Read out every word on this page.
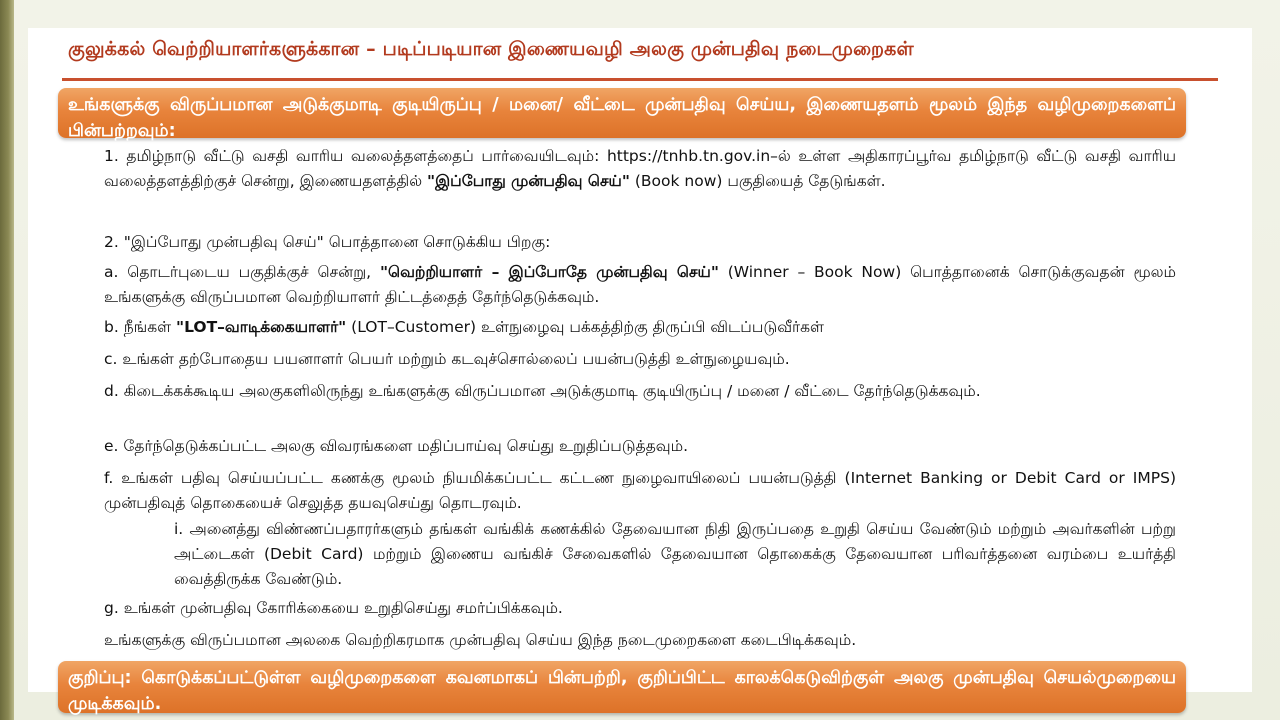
குலுக்கல் வெற்றியாளர்களுக்கான – படிப்படியான இணையவழி அலகு முன்பதிவு நடைமுறைகள்
உங்களுக்கு விருப்பமான அடுக்குமாடி குடியிருப்பு / மனை/ வீட்டை முன்பதிவு செய்ய, இணையதளம் மூலம் இந்த வழிமுறைகளைப் பின்பற்றவும்:
1. தமிழ்நாடு வீட்டு வசதி வாரிய வலைத்தளத்தைப் பார்வையிடவும்: https://tnhb.tn.gov.in–ல் உள்ள அதிகாரப்பூர்வ தமிழ்நாடு வீட்டு வசதி வாரிய வலைத்தளத்திற்குச் சென்று, இணையதளத்தில் "இப்போது முன்பதிவு செய்" (Book now) பகுதியைத் தேடுங்கள்.
2. "இப்போது முன்பதிவு செய்" பொத்தானை சொடுக்கிய பிறகு:
a. தொடர்புடைய பகுதிக்குச் சென்று, "வெற்றியாளர் – இப்போதே முன்பதிவு செய்" (Winner – Book Now) பொத்தானைக் சொடுக்குவதன் மூலம் உங்களுக்கு விருப்பமான வெற்றியாளர் திட்டத்தைத் தேர்ந்தெடுக்கவும்.
b. நீங்கள் "LOT–வாடிக்கையாளர்" (LOT–Customer) உள்நுழைவு பக்கத்திற்கு திருப்பி விடப்படுவீர்கள்
c. உங்கள் தற்போதைய பயனாளர் பெயர் மற்றும் கடவுச்சொல்லைப் பயன்படுத்தி உள்நுழையவும்.
d. கிடைக்கக்கூடிய அலகுகளிலிருந்து உங்களுக்கு விருப்பமான அடுக்குமாடி குடியிருப்பு / மனை / வீட்டை தேர்ந்தெடுக்கவும்.
e. தேர்ந்தெடுக்கப்பட்ட அலகு விவரங்களை மதிப்பாய்வு செய்து உறுதிப்படுத்தவும்.
f. உங்கள் பதிவு செய்யப்பட்ட கணக்கு மூலம் நியமிக்கப்பட்ட கட்டண நுழைவாயிலைப் பயன்படுத்தி (Internet Banking or Debit Card or IMPS) முன்பதிவுத் தொகையைச் செலுத்த தயவுசெய்து தொடரவும்.
i. அனைத்து விண்ணப்பதாரர்களும் தங்கள் வங்கிக் கணக்கில் தேவையான நிதி இருப்பதை உறுதி செய்ய வேண்டும் மற்றும் அவர்களின் பற்று அட்டைகள் (Debit Card) மற்றும் இணைய வங்கிச் சேவைகளில் தேவையான தொகைக்கு தேவையான பரிவர்த்தனை வரம்பை உயர்த்தி வைத்திருக்க வேண்டும்.
g. உங்கள் முன்பதிவு கோரிக்கையை உறுதிசெய்து சமர்ப்பிக்கவும்.
உங்களுக்கு விருப்பமான அலகை வெற்றிகரமாக முன்பதிவு செய்ய இந்த நடைமுறைகளை கடைபிடிக்கவும்.
குறிப்பு: கொடுக்கப்பட்டுள்ள வழிமுறைகளை கவனமாகப் பின்பற்றி, குறிப்பிட்ட காலக்கெடுவிற்குள் அலகு முன்பதிவு செயல்முறையை முடிக்கவும்.
